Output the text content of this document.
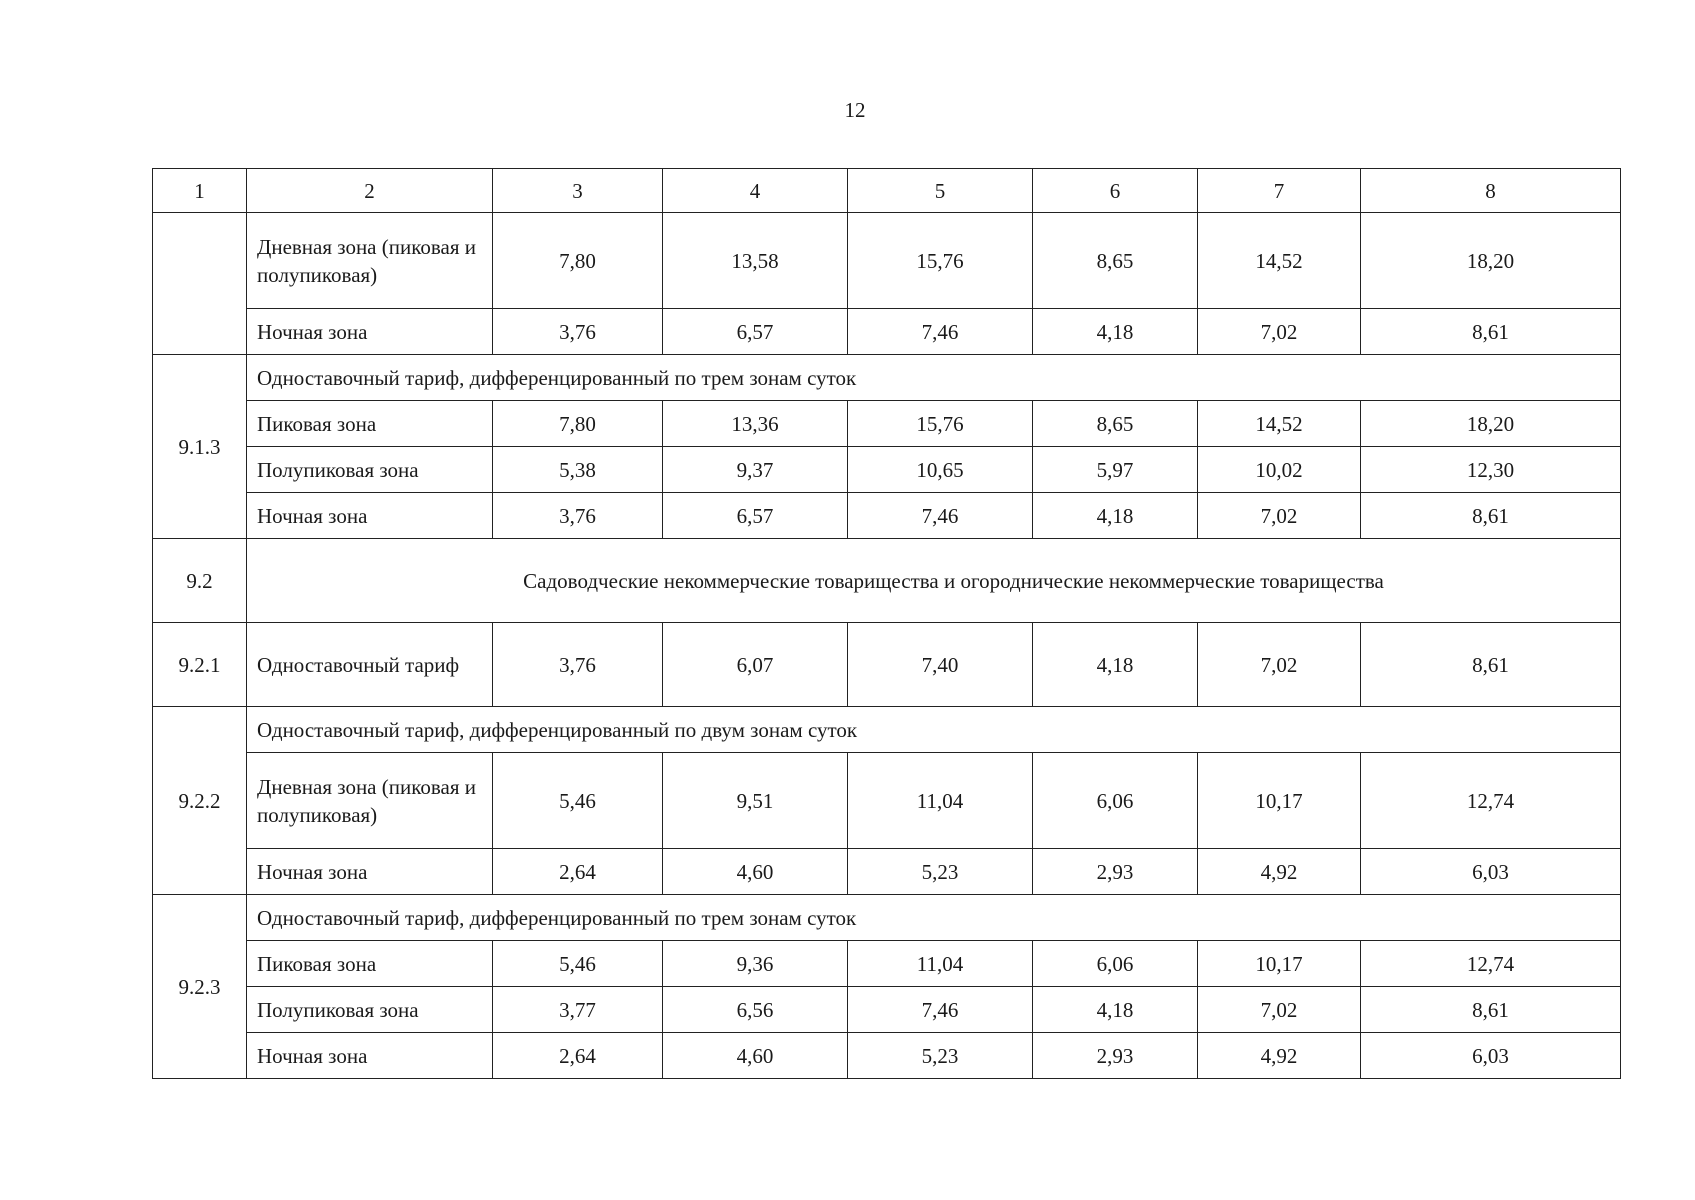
12
1	2	3	4	5	6	7	8
	Дневная зона (пиковая и полупиковая)	7,80	13,58	15,76	8,65	14,52	18,20
	Ночная зона	3,76	6,57	7,46	4,18	7,02	8,61
9.1.3	Одноставочный тариф, дифференцированный по трем зонам суток						
	Пиковая зона	7,80	13,36	15,76	8,65	14,52	18,20
	Полупиковая зона	5,38	9,37	10,65	5,97	10,02	12,30
	Ночная зона	3,76	6,57	7,46	4,18	7,02	8,61
9.2	Садоводческие некоммерческие товарищества и огороднические некоммерческие товарищества						
9.2.1	Одноставочный тариф	3,76	6,07	7,40	4,18	7,02	8,61
9.2.2	Одноставочный тариф, дифференцированный по двум зонам суток						
	Дневная зона (пиковая и полупиковая)	5,46	9,51	11,04	6,06	10,17	12,74
	Ночная зона	2,64	4,60	5,23	2,93	4,92	6,03
9.2.3	Одноставочный тариф, дифференцированный по трем зонам суток						
	Пиковая зона	5,46	9,36	11,04	6,06	10,17	12,74
	Полупиковая зона	3,77	6,56	7,46	4,18	7,02	8,61
	Ночная зона	2,64	4,60	5,23	2,93	4,92	6,03
